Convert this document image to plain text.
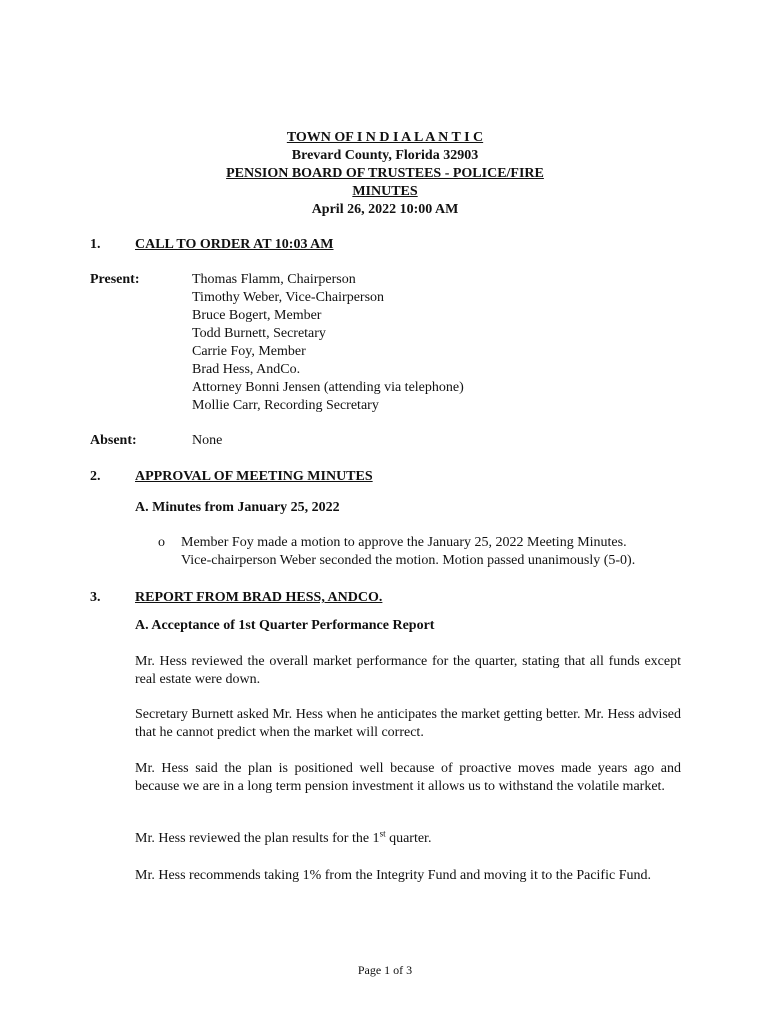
TOWN OF I N D I A L A N T I C
Brevard County, Florida 32903
PENSION BOARD OF TRUSTEES - POLICE/FIRE
MINUTES
April 26, 2022 10:00 AM
1. CALL TO ORDER AT 10:03 AM
Present:	Thomas Flamm, Chairperson
Timothy Weber, Vice-Chairperson
Bruce Bogert, Member
Todd Burnett, Secretary
Carrie Foy, Member
Brad Hess, AndCo.
Attorney Bonni Jensen (attending via telephone)
Mollie Carr, Recording Secretary
Absent:	None
2. APPROVAL OF MEETING MINUTES
A. Minutes from January 25, 2022
o Member Foy made a motion to approve the January 25, 2022 Meeting Minutes.
Vice-chairperson Weber seconded the motion. Motion passed unanimously (5-0).
3. REPORT FROM BRAD HESS, ANDCO.
A. Acceptance of 1st Quarter Performance Report
Mr. Hess reviewed the overall market performance for the quarter, stating that all funds except real estate were down.
Secretary Burnett asked Mr. Hess when he anticipates the market getting better. Mr. Hess advised that he cannot predict when the market will correct.
Mr. Hess said the plan is positioned well because of proactive moves made years ago and because we are in a long term pension investment it allows us to withstand the volatile market.
Mr. Hess reviewed the plan results for the 1st quarter.
Mr. Hess recommends taking 1% from the Integrity Fund and moving it to the Pacific Fund.
Page 1 of 3
